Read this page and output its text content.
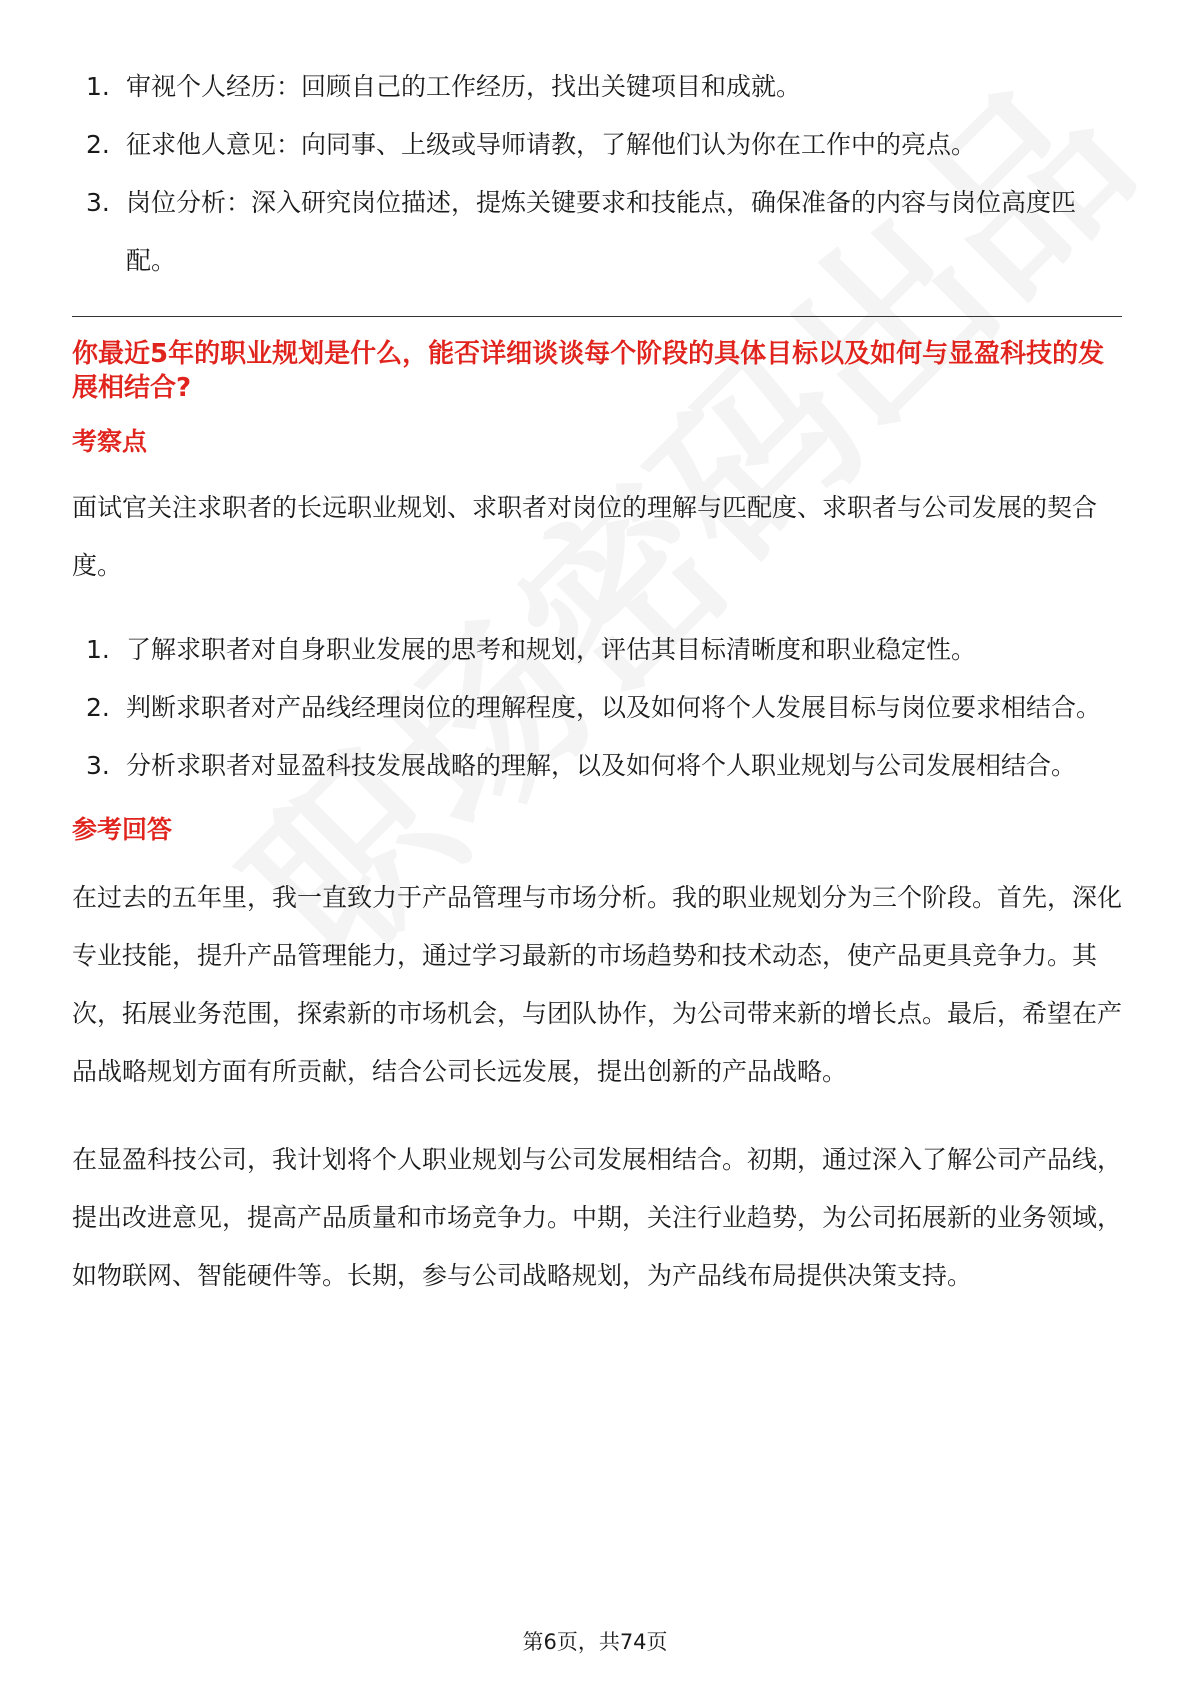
1. 审视个人经历：回顾自己的工作经历，找出关键项目和成就。
2. 征求他人意见：向同事、上级或导师请教，了解他们认为你在工作中的亮点。
3. 岗位分析：深入研究岗位描述，提炼关键要求和技能点，确保准备的内容与岗位高度匹配。
你最近5年的职业规划是什么，能否详细谈谈每个阶段的具体目标以及如何与显盈科技的发展相结合?
考察点

面试官关注求职者的长远职业规划、求职者对岗位的理解与匹配度、求职者与公司发展的契合度。

1. 了解求职者对自身职业发展的思考和规划，评估其目标清晰度和职业稳定性。
2. 判断求职者对产品线经理岗位的理解程度，以及如何将个人发展目标与岗位要求相结合。
3. 分析求职者对显盈科技发展战略的理解，以及如何将个人职业规划与公司发展相结合。
参考回答

在过去的五年里，我一直致力于产品管理与市场分析。我的职业规划分为三个阶段。首先，深化专业技能，提升产品管理能力，通过学习最新的市场趋势和技术动态，使产品更具竞争力。其次，拓展业务范围，探索新的市场机会，与团队协作，为公司带来新的增长点。最后，希望在产品战略规划方面有所贡献，结合公司长远发展，提出创新的产品战略。

在显盈科技公司，我计划将个人职业规划与公司发展相结合。初期，通过深入了解公司产品线，提出改进意见，提高产品质量和市场竞争力。中期，关注行业趋势，为公司拓展新的业务领域，如物联网、智能硬件等。长期，参与公司战略规划，为产品线布局提供决策支持。

第6页，共74页
